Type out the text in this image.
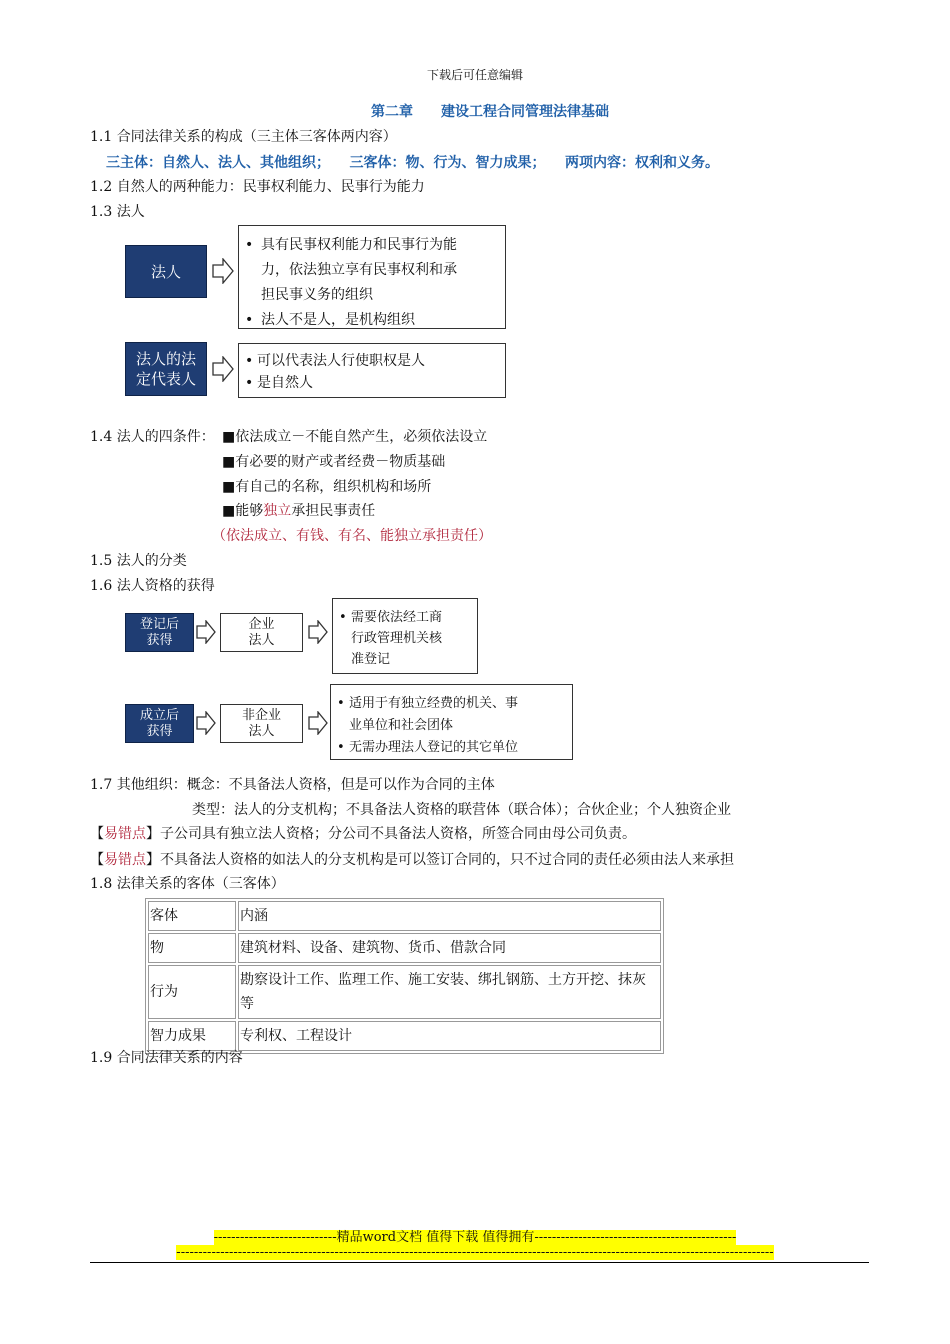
下载后可任意编辑
第二章 建设工程合同管理法律基础
1.1 合同法律关系的构成（三主体三客体两内容）
三主体：自然人、法人、其他组织； 三客体：物、行为、智力成果； 两项内容：权利和义务。
1.2 自然人的两种能力：民事权利能力、民事行为能力
1.3 法人
法人
• 具有民事权利能力和民事行为能
力，依法独立享有民事权利和承
担民事义务的组织
• 法人不是人，是机构组织
法人的法
定代表人
• 可以代表法人行使职权是人
• 是自然人
1.4 法人的四条件： ■依法成立－不能自然产生，必须依法设立
■有必要的财产或者经费－物质基础
■有自己的名称，组织机构和场所
■能够独立承担民事责任
（依法成立、有钱、有名、能独立承担责任）
1.5 法人的分类
1.6 法人资格的获得
登记后
获得
企业
法人
• 需要依法经工商
行政管理机关核
准登记
成立后
获得
非企业
法人
• 适用于有独立经费的机关、事
业单位和社会团体
• 无需办理法人登记的其它单位
1.7 其他组织：概念：不具备法人资格，但是可以作为合同的主体
类型：法人的分支机构；不具备法人资格的联营体（联合体）；合伙企业；个人独资企业
【易错点】子公司具有独立法人资格；分公司不具备法人资格，所签合同由母公司负责。
【易错点】不具备法人资格的如法人的分支机构是可以签订合同的，只不过合同的责任必须由法人来承担
1.8 法律关系的客体（三客体）
客体	内涵
物	建筑材料、设备、建筑物、货币、借款合同
行为	勘察设计工作、监理工作、施工安装、绑扎钢筋、土方开挖、抹灰等
智力成果	专利权、工程设计
1.9 合同法律关系的内容
----------------------------精品word文档 值得下载 值得拥有----------------------------------------------
----------------------------------------------------------------------------------------------------------------------------------------
